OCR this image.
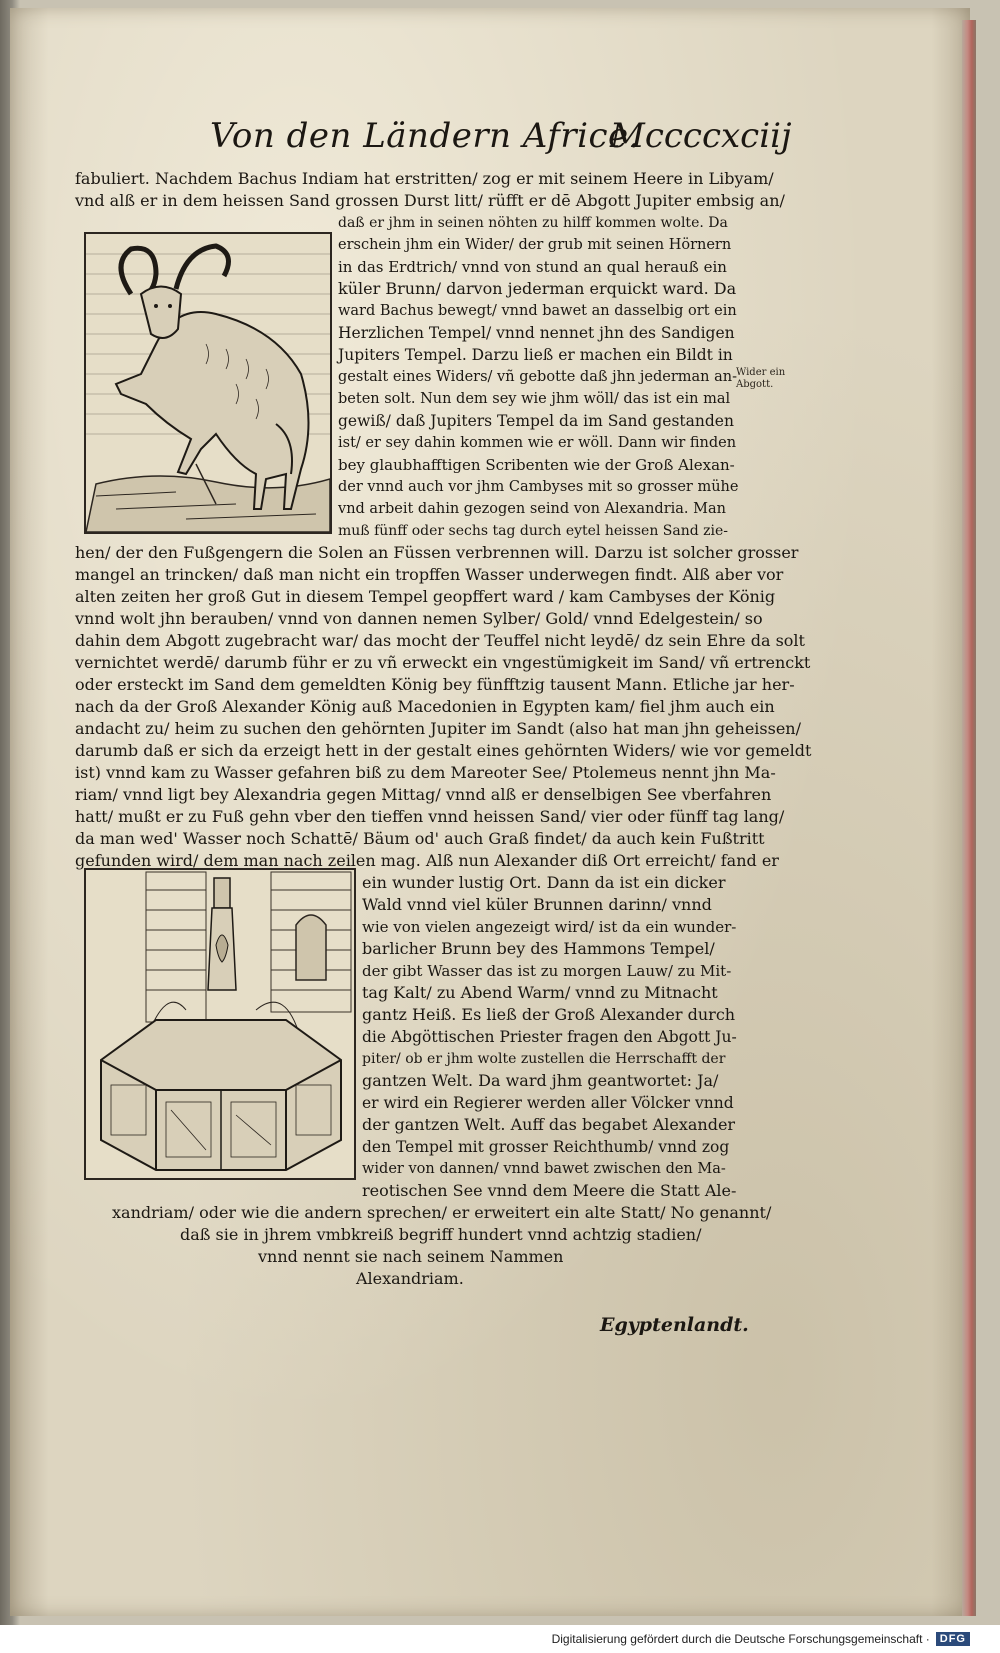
Von den Ländern Africe.
Mccccxciij
fabuliert. Nachdem Bachus Indiam hat erstritten/ zog er mit seinem Heere in Libyam/
vnd alß er in dem heissen Sand grossen Durst litt/ rüfft er dē Abgott Jupiter embsig an/
daß er jhm in seinen nöhten zu hilff kommen wolte. Da
erschein jhm ein Wider/ der grub mit seinen Hörnern
in das Erdtrich/ vnnd von stund an qual herauß ein
küler Brunn/ darvon jederman erquickt ward. Da
ward Bachus bewegt/ vnnd bawet an dasselbig ort ein
Herzlichen Tempel/ vnnd nennet jhn des Sandigen
Jupiters Tempel. Darzu ließ er machen ein Bildt in
gestalt eines Widers/ vñ gebotte daß jhn jederman an-
beten solt. Nun dem sey wie jhm wöll/ das ist ein mal
gewiß/ daß Jupiters Tempel da im Sand gestanden
ist/ er sey dahin kommen wie er wöll. Dann wir finden
bey glaubhafftigen Scribenten wie der Groß Alexan-
der vnnd auch vor jhm Cambyses mit so grosser mühe
vnd arbeit dahin gezogen seind von Alexandria. Man
muß fünff oder sechs tag durch eytel heissen Sand zie-
hen/ der den Fußgengern die Solen an Füssen verbrennen will. Darzu ist solcher grosser
mangel an trincken/ daß man nicht ein tropffen Wasser underwegen findt. Alß aber vor
alten zeiten her groß Gut in diesem Tempel geopffert ward / kam Cambyses der König
vnnd wolt jhn berauben/ vnnd von dannen nemen Sylber/ Gold/ vnnd Edelgestein/ so
dahin dem Abgott zugebracht war/ das mocht der Teuffel nicht leydē/ dz sein Ehre da solt
vernichtet werdē/ darumb führ er zu vñ erweckt ein vngestümigkeit im Sand/ vñ ertrenckt
oder ersteckt im Sand dem gemeldten König bey fünfftzig tausent Mann. Etliche jar her-
nach da der Groß Alexander König auß Macedonien in Egypten kam/ fiel jhm auch ein
andacht zu/ heim zu suchen den gehörnten Jupiter im Sandt (also hat man jhn geheissen/
darumb daß er sich da erzeigt hett in der gestalt eines gehörnten Widers/ wie vor gemeldt
ist) vnnd kam zu Wasser gefahren biß zu dem Mareoter See/ Ptolemeus nennt jhn Ma-
riam/ vnnd ligt bey Alexandria gegen Mittag/ vnnd alß er denselbigen See vberfahren
hatt/ mußt er zu Fuß gehn vber den tieffen vnnd heissen Sand/ vier oder fünff tag lang/
da man wed' Wasser noch Schattē/ Bäum od' auch Graß findet/ da auch kein Fußtritt
gefunden wird/ dem man nach zeilen mag. Alß nun Alexander diß Ort erreicht/ fand er
ein wunder lustig Ort. Dann da ist ein dicker
Wald vnnd viel küler Brunnen darinn/ vnnd
wie von vielen angezeigt wird/ ist da ein wunder-
barlicher Brunn bey des Hammons Tempel/
der gibt Wasser das ist zu morgen Lauw/ zu Mit-
tag Kalt/ zu Abend Warm/ vnnd zu Mitnacht
gantz Heiß. Es ließ der Groß Alexander durch
die Abgöttischen Priester fragen den Abgott Ju-
piter/ ob er jhm wolte zustellen die Herrschafft der
gantzen Welt. Da ward jhm geantwortet: Ja/
er wird ein Regierer werden aller Völcker vnnd
der gantzen Welt. Auff das begabet Alexander
den Tempel mit grosser Reichthumb/ vnnd zog
wider von dannen/ vnnd bawet zwischen den Ma-
reotischen See vnnd dem Meere die Statt Ale-
xandriam/ oder wie die andern sprechen/ er erweitert ein alte Statt/ No genannt/
daß sie in jhrem vmbkreiß begriff hundert vnnd achtzig stadien/
vnnd nennt sie nach seinem Nammen
Alexandriam.
Wider ein Abgott.
Egyptenlandt.
Digitalisierung gefördert durch die Deutsche Forschungsgemeinschaft · DFG
